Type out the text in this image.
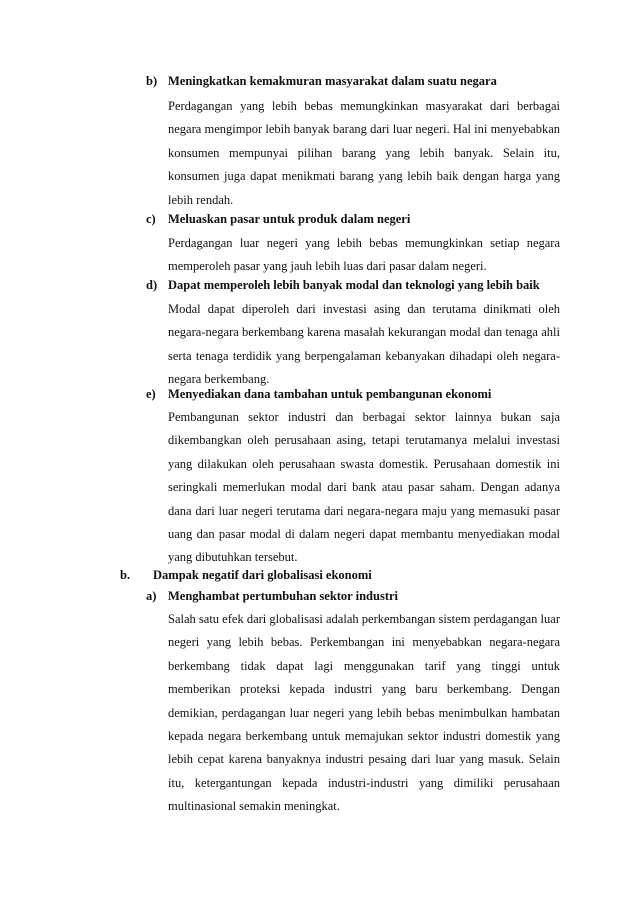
b) Meningkatkan kemakmuran masyarakat dalam suatu negara
Perdagangan yang lebih bebas memungkinkan masyarakat dari berbagai negara mengimpor lebih banyak barang dari luar negeri. Hal ini menyebabkan konsumen mempunyai pilihan barang yang lebih banyak. Selain itu, konsumen juga dapat menikmati barang yang lebih baik dengan harga yang lebih rendah.
c) Meluaskan pasar untuk produk dalam negeri
Perdagangan luar negeri yang lebih bebas memungkinkan setiap negara memperoleh pasar yang jauh lebih luas dari pasar dalam negeri.
d) Dapat memperoleh lebih banyak modal dan teknologi yang lebih baik
Modal dapat diperoleh dari investasi asing dan terutama dinikmati oleh negara-negara berkembang karena masalah kekurangan modal dan tenaga ahli serta tenaga terdidik yang berpengalaman kebanyakan dihadapi oleh negara-negara berkembang.
e) Menyediakan dana tambahan untuk pembangunan ekonomi
Pembangunan sektor industri dan berbagai sektor lainnya bukan saja dikembangkan oleh perusahaan asing, tetapi terutamanya melalui investasi yang dilakukan oleh perusahaan swasta domestik. Perusahaan domestik ini seringkali memerlukan modal dari bank atau pasar saham. Dengan adanya dana dari luar negeri terutama dari negara-negara maju yang memasuki pasar uang dan pasar modal di dalam negeri dapat membantu menyediakan modal yang dibutuhkan tersebut.
b. Dampak negatif dari globalisasi ekonomi
a) Menghambat pertumbuhan sektor industri
Salah satu efek dari globalisasi adalah perkembangan sistem perdagangan luar negeri yang lebih bebas. Perkembangan ini menyebabkan negara-negara berkembang tidak dapat lagi menggunakan tarif yang tinggi untuk memberikan proteksi kepada industri yang baru berkembang. Dengan demikian, perdagangan luar negeri yang lebih bebas menimbulkan hambatan kepada negara berkembang untuk memajukan sektor industri domestik yang lebih cepat karena banyaknya industri pesaing dari luar yang masuk. Selain itu, ketergantungan kepada industri-industri yang dimiliki perusahaan multinasional semakin meningkat.
